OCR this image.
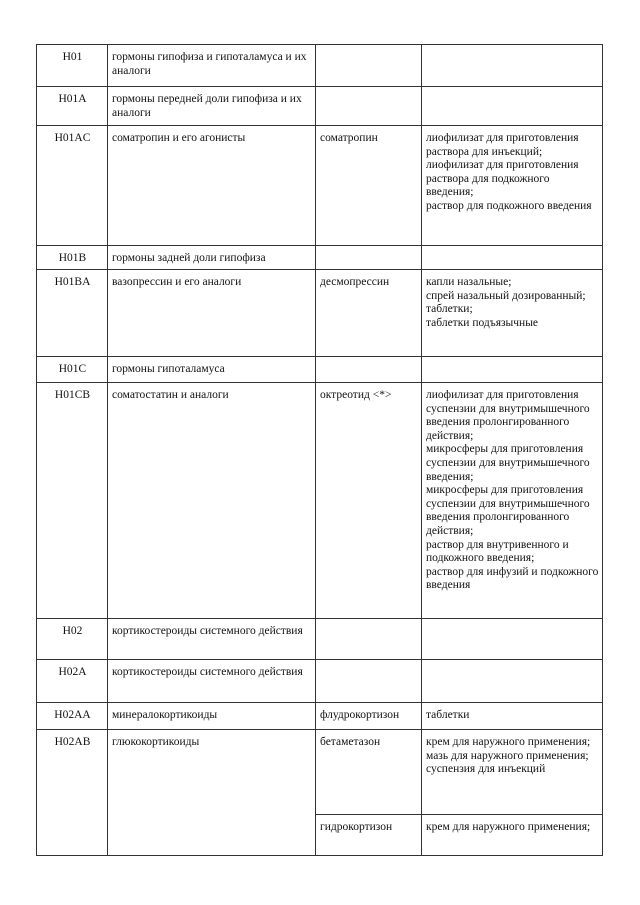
H01	гормоны гипофиза и гипоталамуса и их аналоги		
H01A	гормоны передней доли гипофиза и их аналоги		
H01AC	соматропин и его агонисты	соматропин	лиофилизат для приготовления раствора для инъекций;
лиофилизат для приготовления раствора для подкожного введения;
раствор для подкожного введения
H01B	гормоны задней доли гипофиза		
H01BA	вазопрессин и его аналоги	десмопрессин	капли назальные;
спрей назальный дозированный;
таблетки;
таблетки подъязычные
H01C	гормоны гипоталамуса		
H01CB	соматостатин и аналоги	октреотид <*>	лиофилизат для приготовления суспензии для внутримышечного введения пролонгированного действия;
микросферы для приготовления суспензии для внутримышечного введения;
микросферы для приготовления суспензии для внутримышечного введения пролонгированного действия;
раствор для внутривенного и подкожного введения;
раствор для инфузий и подкожного введения
H02	кортикостероиды системного действия		
H02A	кортикостероиды системного действия		
H02AA	минералокортикоиды	флудрокортизон	таблетки
H02AB	глюкокортикоиды	бетаметазон	крем для наружного применения;
мазь для наружного применения;
суспензия для инъекций
		гидрокортизон	крем для наружного применения;
